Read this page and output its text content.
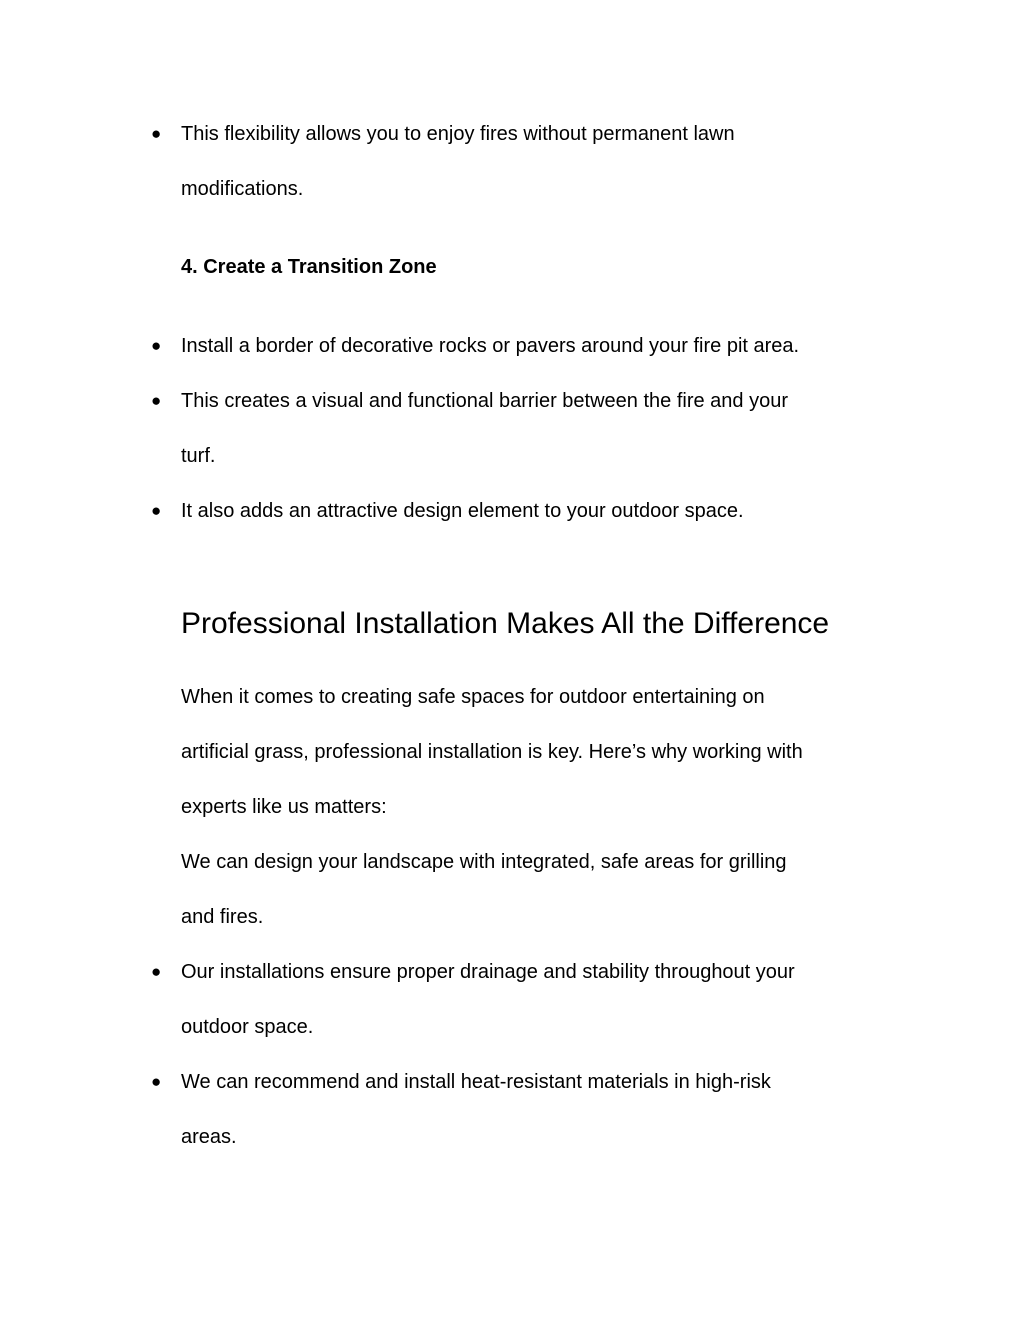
● This flexibility allows you to enjoy fires without permanent lawn
modifications.
4. Create a Transition Zone
● Install a border of decorative rocks or pavers around your fire pit area.
● This creates a visual and functional barrier between the fire and your
turf.
● It also adds an attractive design element to your outdoor space.
Professional Installation Makes All the Difference
When it comes to creating safe spaces for outdoor entertaining on
artificial grass, professional installation is key. Here’s why working with
experts like us matters:
We can design your landscape with integrated, safe areas for grilling
and fires.
● Our installations ensure proper drainage and stability throughout your
outdoor space.
● We can recommend and install heat-resistant materials in high-risk
areas.
